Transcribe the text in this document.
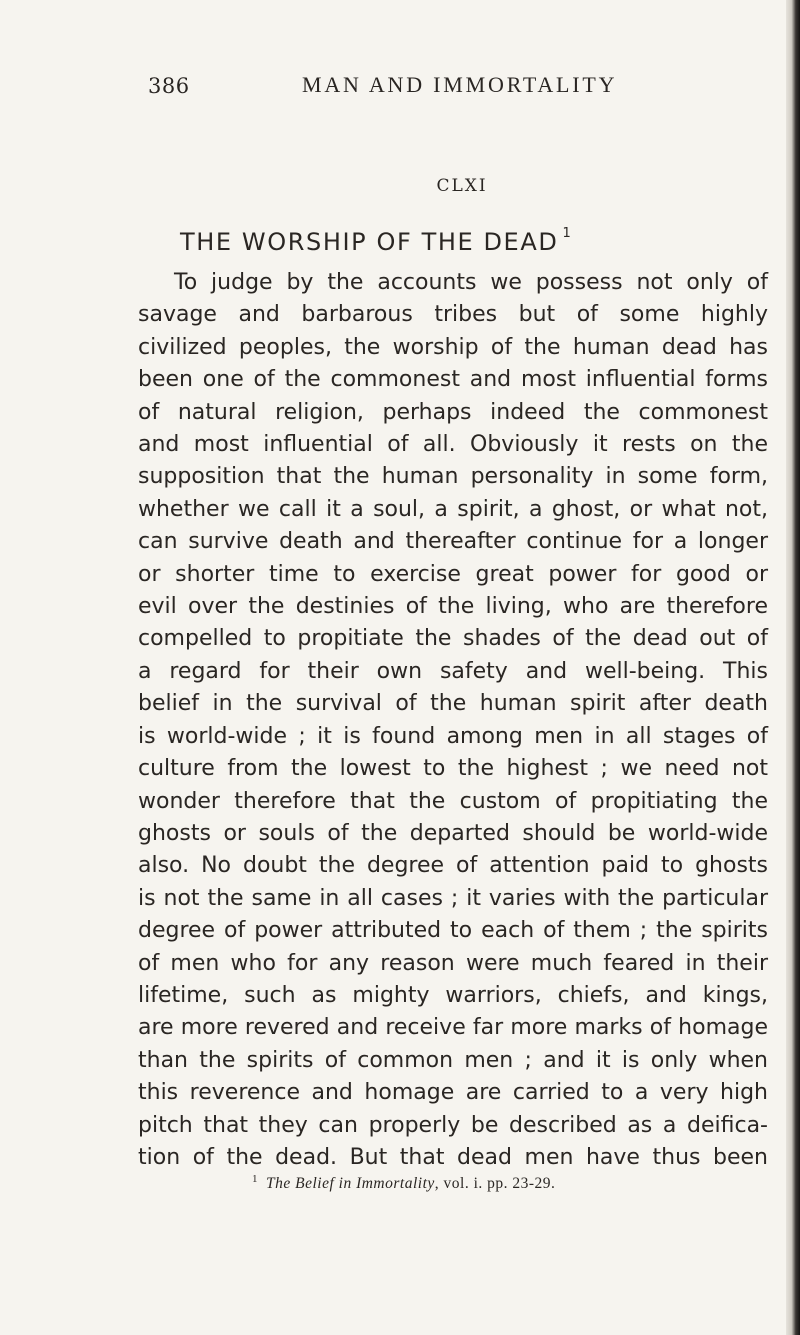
386	MAN AND IMMORTALITY
CLXI
THE WORSHIP OF THE DEAD $^1$
To judge by the accounts we possess not only of
savage and barbarous tribes but of some highly
civilized peoples, the worship of the human dead has
been one of the commonest and most influential forms
of natural religion, perhaps indeed the commonest
and most influential of all. Obviously it rests on the
supposition that the human personality in some form,
whether we call it a soul, a spirit, a ghost, or what not,
can survive death and thereafter continue for a longer
or shorter time to exercise great power for good or
evil over the destinies of the living, who are therefore
compelled to propitiate the shades of the dead out of
a regard for their own safety and well-being. This
belief in the survival of the human spirit after death
is world-wide ; it is found among men in all stages of
culture from the lowest to the highest ; we need not
wonder therefore that the custom of propitiating the
ghosts or souls of the departed should be world-wide
also. No doubt the degree of attention paid to ghosts
is not the same in all cases ; it varies with the particular
degree of power attributed to each of them ; the spirits
of men who for any reason were much feared in their
lifetime, such as mighty warriors, chiefs, and kings,
are more revered and receive far more marks of homage
than the spirits of common men ; and it is only when
this reverence and homage are carried to a very high
pitch that they can properly be described as a deifica-
tion of the dead. But that dead men have thus been
$^1$ The Belief in Immortality, vol. i. pp. 23-29.
